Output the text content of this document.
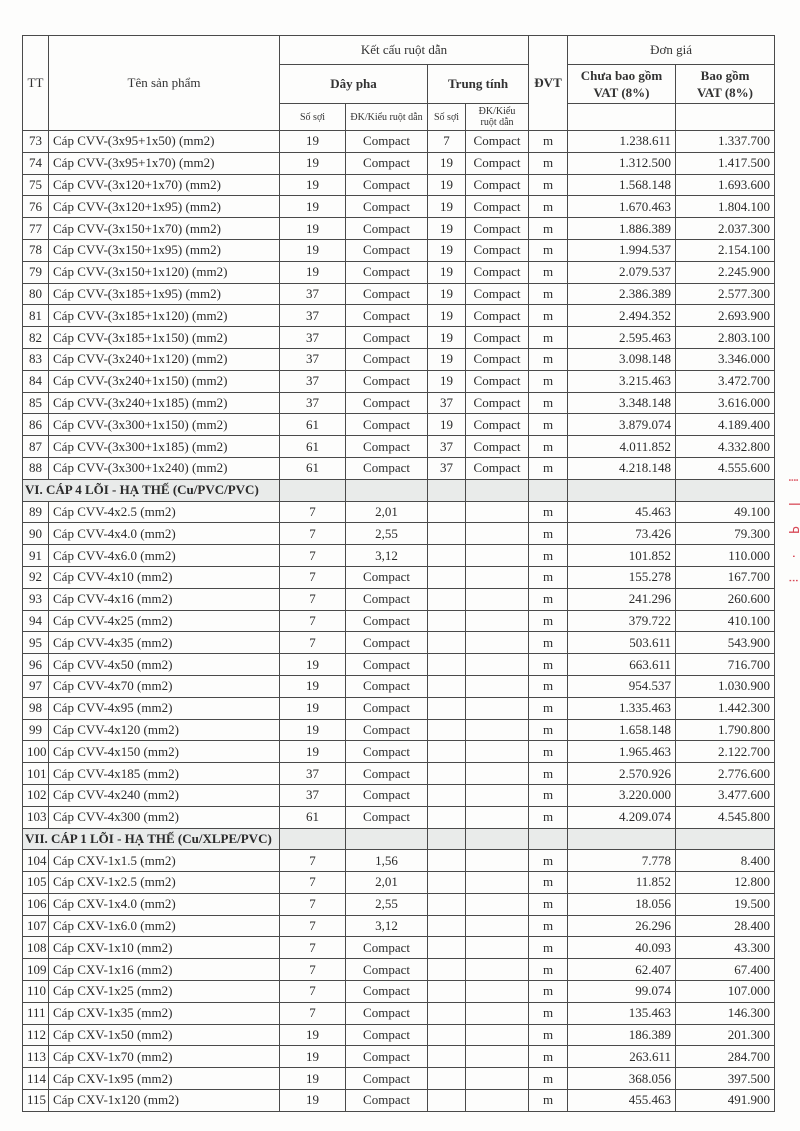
TT	Tên sản phẩm	Kết cấu ruột dẫn				ĐVT	Đơn giá	
		Dây pha		Trung tính			Chưa bao gồm VAT (8%)	Bao gồm VAT (8%)
		Số sợi	ĐK/Kiểu ruột dẫn	Số sợi	ĐK/Kiểu ruột dẫn			
73	Cáp CVV-(3x95+1x50) (mm2)	19	Compact	7	Compact	m	1.238.611	1.337.700
74	Cáp CVV-(3x95+1x70) (mm2)	19	Compact	19	Compact	m	1.312.500	1.417.500
75	Cáp CVV-(3x120+1x70) (mm2)	19	Compact	19	Compact	m	1.568.148	1.693.600
76	Cáp CVV-(3x120+1x95) (mm2)	19	Compact	19	Compact	m	1.670.463	1.804.100
77	Cáp CVV-(3x150+1x70) (mm2)	19	Compact	19	Compact	m	1.886.389	2.037.300
78	Cáp CVV-(3x150+1x95) (mm2)	19	Compact	19	Compact	m	1.994.537	2.154.100
79	Cáp CVV-(3x150+1x120) (mm2)	19	Compact	19	Compact	m	2.079.537	2.245.900
80	Cáp CVV-(3x185+1x95) (mm2)	37	Compact	19	Compact	m	2.386.389	2.577.300
81	Cáp CVV-(3x185+1x120) (mm2)	37	Compact	19	Compact	m	2.494.352	2.693.900
82	Cáp CVV-(3x185+1x150) (mm2)	37	Compact	19	Compact	m	2.595.463	2.803.100
83	Cáp CVV-(3x240+1x120) (mm2)	37	Compact	19	Compact	m	3.098.148	3.346.000
84	Cáp CVV-(3x240+1x150) (mm2)	37	Compact	19	Compact	m	3.215.463	3.472.700
85	Cáp CVV-(3x240+1x185) (mm2)	37	Compact	37	Compact	m	3.348.148	3.616.000
86	Cáp CVV-(3x300+1x150) (mm2)	61	Compact	19	Compact	m	3.879.074	4.189.400
87	Cáp CVV-(3x300+1x185) (mm2)	61	Compact	37	Compact	m	4.011.852	4.332.800
88	Cáp CVV-(3x300+1x240) (mm2)	61	Compact	37	Compact	m	4.218.148	4.555.600
VI. CÁP 4 LÕI - HẠ THẾ (Cu/PVC/PVC)								
89	Cáp CVV-4x2.5 (mm2)	7	2,01			m	45.463	49.100
90	Cáp CVV-4x4.0 (mm2)	7	2,55			m	73.426	79.300
91	Cáp CVV-4x6.0 (mm2)	7	3,12			m	101.852	110.000
92	Cáp CVV-4x10 (mm2)	7	Compact			m	155.278	167.700
93	Cáp CVV-4x16 (mm2)	7	Compact			m	241.296	260.600
94	Cáp CVV-4x25 (mm2)	7	Compact			m	379.722	410.100
95	Cáp CVV-4x35 (mm2)	7	Compact			m	503.611	543.900
96	Cáp CVV-4x50 (mm2)	19	Compact			m	663.611	716.700
97	Cáp CVV-4x70 (mm2)	19	Compact			m	954.537	1.030.900
98	Cáp CVV-4x95 (mm2)	19	Compact			m	1.335.463	1.442.300
99	Cáp CVV-4x120 (mm2)	19	Compact			m	1.658.148	1.790.800
100	Cáp CVV-4x150 (mm2)	19	Compact			m	1.965.463	2.122.700
101	Cáp CVV-4x185 (mm2)	37	Compact			m	2.570.926	2.776.600
102	Cáp CVV-4x240 (mm2)	37	Compact			m	3.220.000	3.477.600
103	Cáp CVV-4x300 (mm2)	61	Compact			m	4.209.074	4.545.800
VII. CÁP 1 LÕI - HẠ THẾ (Cu/XLPE/PVC)								
104	Cáp CXV-1x1.5 (mm2)	7	1,56			m	7.778	8.400
105	Cáp CXV-1x2.5 (mm2)	7	2,01			m	11.852	12.800
106	Cáp CXV-1x4.0 (mm2)	7	2,55			m	18.056	19.500
107	Cáp CXV-1x6.0 (mm2)	7	3,12			m	26.296	28.400
108	Cáp CXV-1x10 (mm2)	7	Compact			m	40.093	43.300
109	Cáp CXV-1x16 (mm2)	7	Compact			m	62.407	67.400
110	Cáp CXV-1x25 (mm2)	7	Compact			m	99.074	107.000
111	Cáp CXV-1x35 (mm2)	7	Compact			m	135.463	146.300
112	Cáp CXV-1x50 (mm2)	19	Compact			m	186.389	201.300
113	Cáp CXV-1x70 (mm2)	19	Compact			m	263.611	284.700
114	Cáp CXV-1x95 (mm2)	19	Compact			m	368.056	397.500
115	Cáp CXV-1x120 (mm2)	19	Compact			m	455.463	491.900
⁞ ꟾ ꟼ · ⁝
